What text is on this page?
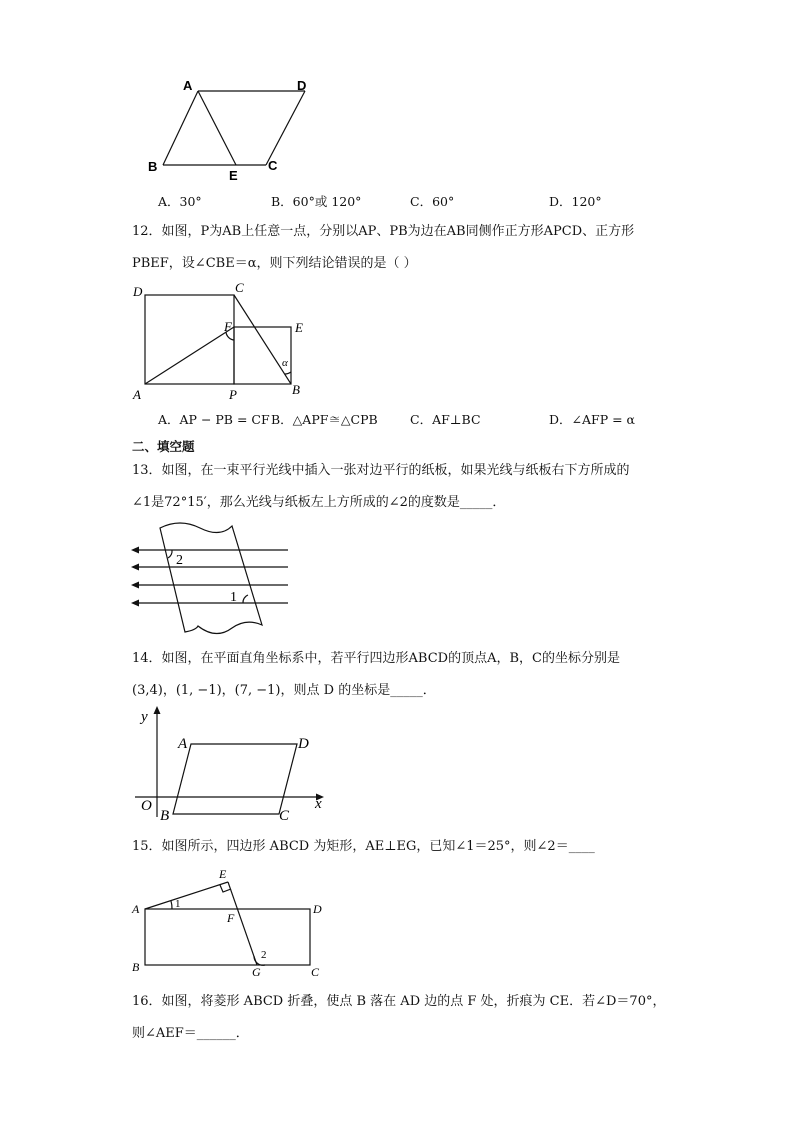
A	D
B
E
C
A．30°	B．60°或 120°	C．60°	D．120°
12．如图，P为AB上任意一点，分别以AP、PB为边在AB同侧作正方形APCD、正方形
PBEF，设∠CBE＝α，则下列结论错误的是（ ）
D	C
F	E
A	P	B
α
A．AP − PB = CF B．△APF≅△CPB	C．AF⊥BC	D．∠AFP = α
二、填空题
13．如图，在一束平行光线中插入一张对边平行的纸板，如果光线与纸板右下方所成的
∠1是72°15′，那么光线与纸板左上方所成的∠2的度数是_____．
2
1
14．如图，在平面直角坐标系中，若平行四边形ABCD的顶点A，B，C的坐标分别是
(3,4)，(1, −1)，(7, −1)，则点 D 的坐标是_____．
y
x
O
A	D
B	C
15．如图所示，四边形 ABCD 为矩形，AE⊥EG，已知∠1＝25°，则∠2＝____
E
A
F
D
B	G	C
1
2
16．如图，将菱形 ABCD 折叠，使点 B 落在 AD 边的点 F 处，折痕为 CE．若∠D＝70°，
则∠AEF＝______．
